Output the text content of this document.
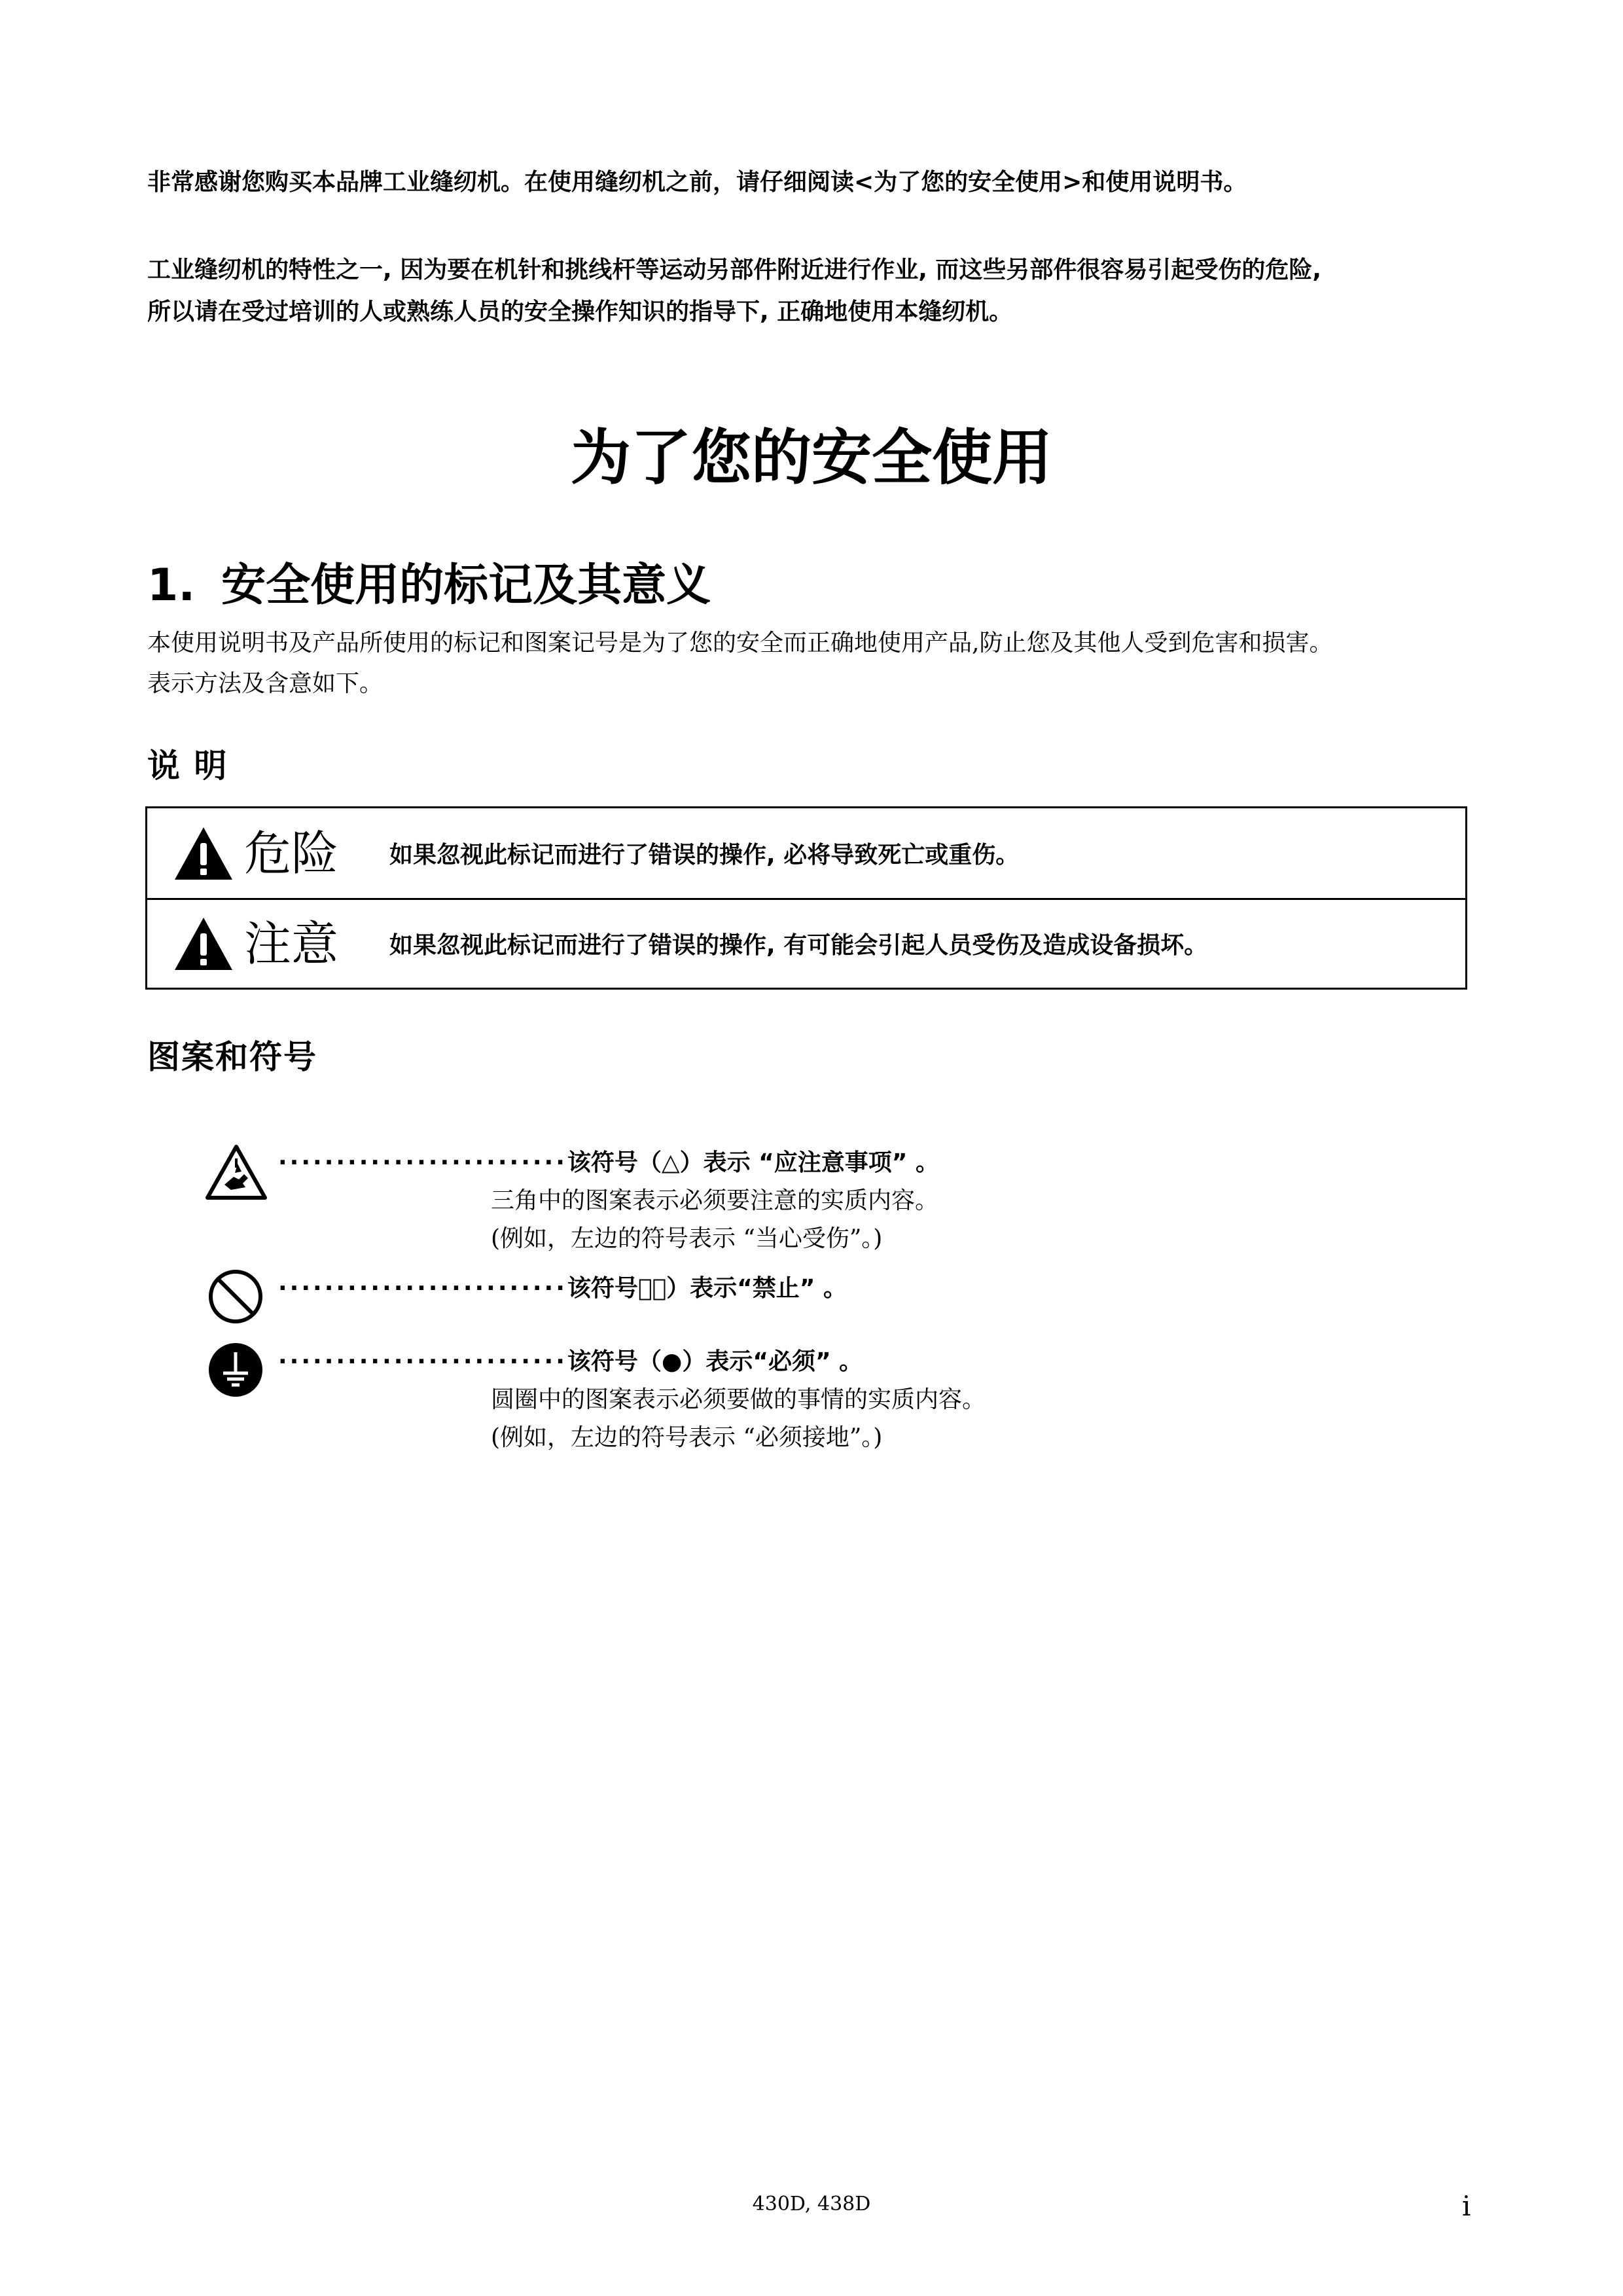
非常感谢您购买本品牌工业缝纫机。在使用缝纫机之前，请仔细阅读<为了您的安全使用>和使用说明书。

工业缝纫机的特性之一, 因为要在机针和挑线杆等运动另部件附近进行作业, 而这些另部件很容易引起受伤的危险,

所以请在受过培训的人或熟练人员的安全操作知识的指导下, 正确地使用本缝纫机。

为了您的安全使用
1. 安全使用的标记及其意义
本使用说明书及产品所使用的标记和图案记号是为了您的安全而正确地使用产品,防止您及其他人受到危害和损害。
表示方法及含意如下。
说 明
危险 如果忽视此标记而进行了错误的操作, 必将导致死亡或重伤。
注意 如果忽视此标记而进行了错误的操作, 有可能会引起人员受伤及造成设备损坏。
图案和符号
·························该符号（△）表示 “应注意事项” 。
三角中的图案表示必须要注意的实质内容。
(例如，左边的符号表示 “当心受伤”。)
·························该符号（⃠）表示“禁止” 。
·························该符号（●）表示“必须” 。
圆圈中的图案表示必须要做的事情的实质内容。
(例如，左边的符号表示 “必须接地”。)

430D, 438D	i
